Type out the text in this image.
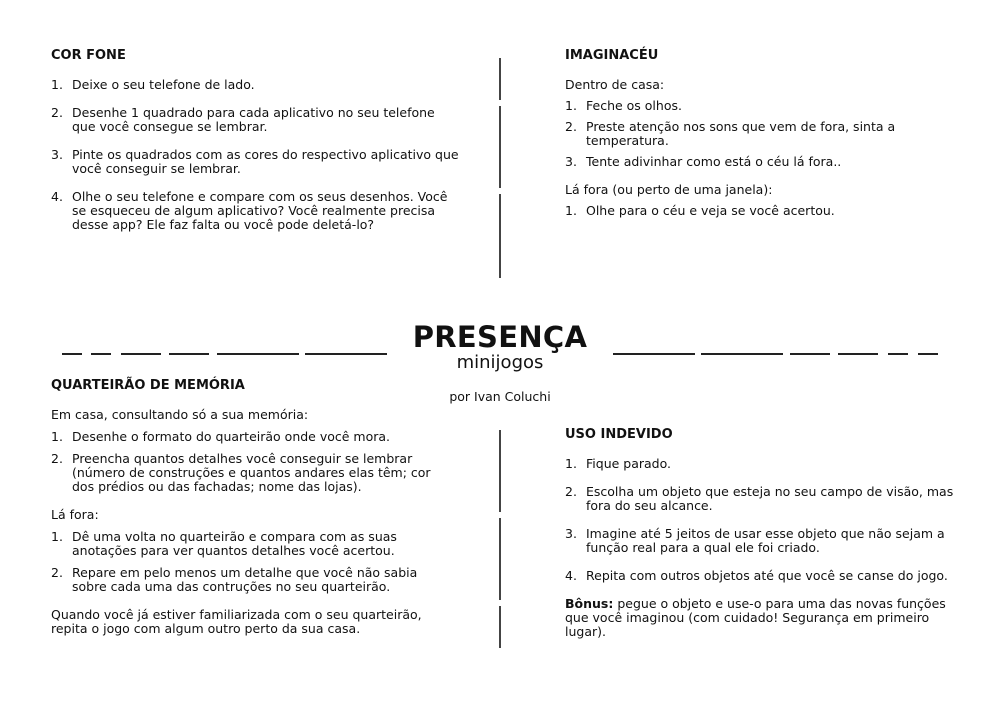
PRESENÇA
minijogos
por Ivan Coluchi
COR FONE
1. Deixe o seu telefone de lado.
2. Desenhe 1 quadrado para cada aplicativo no seu telefone que você consegue se lembrar.
3. Pinte os quadrados com as cores do respectivo aplicativo que você conseguir se lembrar.
4. Olhe o seu telefone e compare com os seus desenhos. Você se esqueceu de algum aplicativo? Você realmente precisa desse app? Ele faz falta ou você pode deletá-lo?
IMAGINACÉU
Dentro de casa:
1. Feche os olhos.
2. Preste atenção nos sons que vem de fora, sinta a temperatura.
3. Tente adivinhar como está o céu lá fora..
Lá fora (ou perto de uma janela):
1. Olhe para o céu e veja se você acertou.
QUARTEIRÃO DE MEMÓRIA
Em casa, consultando só a sua memória:
1. Desenhe o formato do quarteirão onde você mora.
2. Preencha quantos detalhes você conseguir se lembrar (número de construções e quantos andares elas têm; cor dos prédios ou das fachadas; nome das lojas).
Lá fora:
1. Dê uma volta no quarteirão e compara com as suas anotações para ver quantos detalhes você acertou.
2. Repare em pelo menos um detalhe que você não sabia sobre cada uma das contruções no seu quarteirão.
Quando você já estiver familiarizada com o seu quarteirão, repita o jogo com algum outro perto da sua casa.
USO INDEVIDO
1. Fique parado.
2. Escolha um objeto que esteja no seu campo de visão, mas fora do seu alcance.
3. Imagine até 5 jeitos de usar esse objeto que não sejam a função real para a qual ele foi criado.
4. Repita com outros objetos até que você se canse do jogo.
Bônus: pegue o objeto e use-o para uma das novas funções que você imaginou (com cuidado! Segurança em primeiro lugar).
